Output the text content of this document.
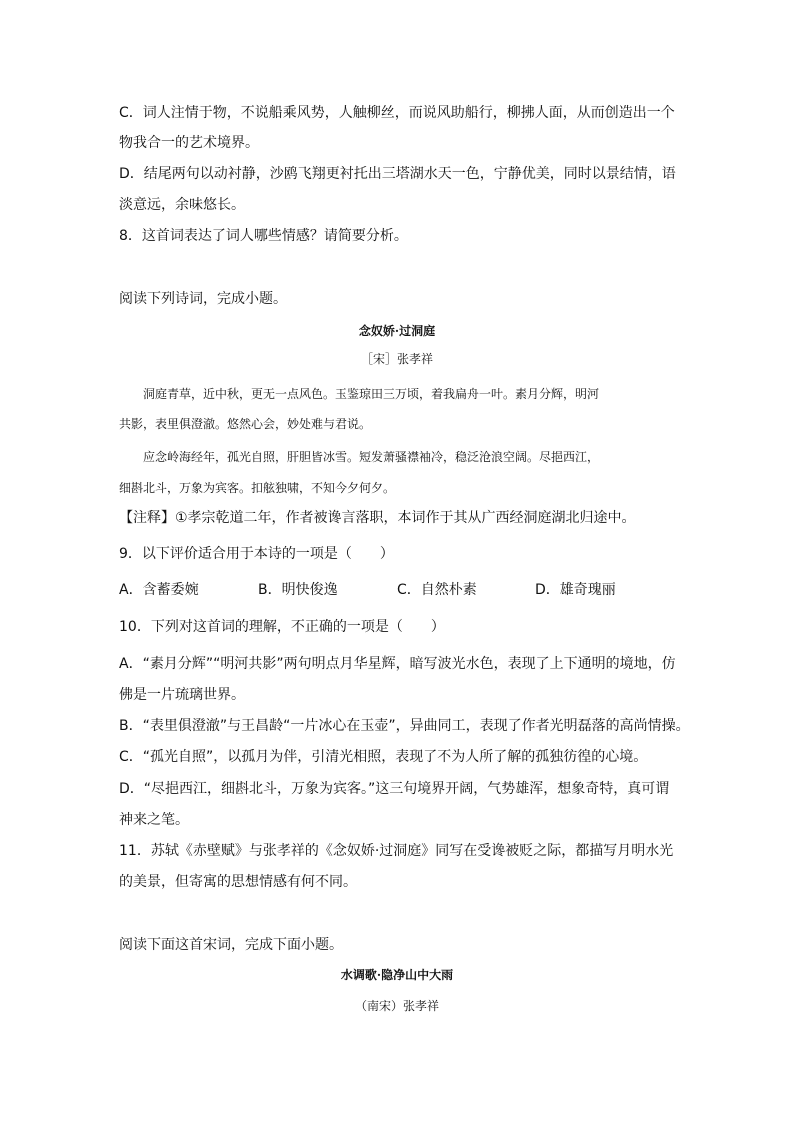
C．词人注情于物，不说船乘风势，人触柳丝，而说风助船行，柳拂人面，从而创造出一个
物我合一的艺术境界。
D．结尾两句以动衬静，沙鸥飞翔更衬托出三塔湖水天一色，宁静优美，同时以景结情，语
淡意远，余味悠长。
8．这首词表达了词人哪些情感？请简要分析。
阅读下列诗词，完成小题。
念奴娇·过洞庭
［宋］张孝祥
　　洞庭青草，近中秋，更无一点风色。玉鉴琼田三万顷，着我扁舟一叶。素月分辉，明河
共影，表里俱澄澈。悠然心会，妙处难与君说。
　　应念岭海经年，孤光自照，肝胆皆冰雪。短发萧骚襟袖冷，稳泛沧浪空阔。尽挹西江，
细斟北斗，万象为宾客。扣舷独啸，不知今夕何夕。
【注释】①孝宗乾道二年，作者被谗言落职，本词作于其从广西经洞庭湖北归途中。
9．以下评价适合用于本诗的一项是（　　）
A．含蓄委婉	B．明快俊逸	C．自然朴素	D．雄奇瑰丽
10．下列对这首词的理解，不正确的一项是（　　）
A．“素月分辉”“明河共影”两句明点月华星辉，暗写波光水色，表现了上下通明的境地，仿
佛是一片琉璃世界。
B．“表里俱澄澈”与王昌龄“一片冰心在玉壶”，异曲同工，表现了作者光明磊落的高尚情操。
C．“孤光自照”，以孤月为伴，引清光相照，表现了不为人所了解的孤独彷徨的心境。
D．“尽挹西江，细斟北斗，万象为宾客。”这三句境界开阔，气势雄浑，想象奇特，真可谓
神来之笔。
11．苏轼《赤壁赋》与张孝祥的《念奴娇·过洞庭》同写在受谗被贬之际，都描写月明水光
的美景，但寄寓的思想情感有何不同。
阅读下面这首宋词，完成下面小题。
水调歌·隐净山中大雨
（南宋）张孝祥
